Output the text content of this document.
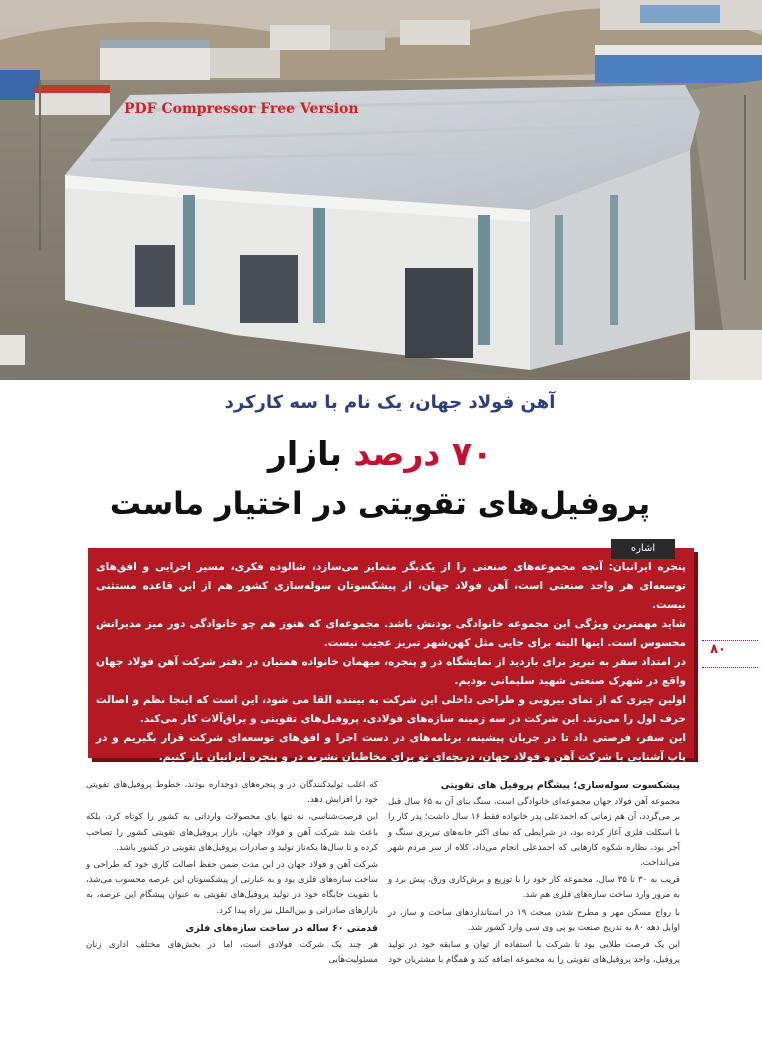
PDF Compressor Free Version
آهن فولاد جهان، یک نام با سه کارکرد
۷۰ درصد بازار
پروفیل‌های تقویتی در اختیار ماست
اشاره

پنجره ایرانیان: آنچه مجموعه‌های صنعتی را از یکدیگر متمایز می‌سازد، شالوده فکری، مسیر اجرایی و افق‌های توسعه‌ای هر واحد صنعتی است، آهن فولاد جهان، از پیشکسوتان سوله‌سازی کشور هم از این قاعده مستثنی نیست.

شاید مهمترین ویژگی این مجموعه خانوادگی بودنش باشد. مجموعه‌ای که هنوز هم چو خانوادگی دور میز مدیرانش محسوس است. اینها البته برای جایی مثل کهن‌شهر تبریز عجیب نیست.

در امتداد سفر به تبریز برای بازدید از نمایشگاه در و پنجره، میهمان خانواده همتیان در دفتر شرکت آهن فولاد جهان واقع در شهرک صنعتی شهید سلیمانی بودیم.

اولین چیزی که از تمای بیرونی و طراحی داخلی این شرکت به بیننده القا می شود، این است که اینجا نظم و اصالت حرف اول را می‌زند. این شرکت در سه زمینه سازه‌های فولادی، پروفیل‌های تقویتی و یراق‌آلات کار می‌کند.

این سفر، فرصتی داد تا در جریان پیشینه، برنامه‌های در دست اجرا و افق‌های توسعه‌ای شرکت قرار بگیریم و در پاپ آشنایی با شرکت آهن و فولاد جهان، دریچه‌ای تو برای مخاطبان نشریه در و پنجره ایرانیان باز کنیم.

۸۰

پیشکسوت سوله‌سازی؛ پیشگام پروفیل های تقویتی

مجموعه آهن فولاد جهان مجموعه‌ای خانوادگی است، سنگ بنای آن به ۶۵ سال قبل بر می‌گردد، آن هم زمانی که احمدعلی پدر خانواده فقط ۱۶ سال داشت؛ پدر کار را با اسکلت فلزی آغاز کرده بود، در شرایطی که نمای اکثر خانه‌های تبریزی سنگ و آجر بود، نظاره شکوه کارهایی که احمدعلی انجام می‌داد، کلاه از سر مردم شهر می‌انداخت.

قریب به ۳۰ تا ۳۵ سال، مجموعه کار خود را با توزیع و برش‌کاری ورق، پیش برد و به مرور وارد ساخت سازه‌های فلزی هم شد.

با رواج مسکن مهر و مطرح شدن مبحث ۱۹ در استانداردهای ساخت و ساز، در اوایل دهه ۸۰ به تدریج صنعت یو پی وی سی وارد کشور شد.

این یک فرصت طلایی بود تا شرکت با استفاده از توان و سابقه خود در تولید پروفیل، واحد پروفیل‌های تقویتی را به مجموعه اضافه کند و همگام با مشتریان خود

که اغلب تولیدکنندگان در و پنجره‌های دوجداره بودند، خطوط پروفیل‌های تقویتی خود را افزایش دهد.

این فرصت‌شناسی، نه تنها پای محصولات وارداتی به کشور را کوتاه کرد، بلکه باعث شد شرکت آهن و فولاد جهان، بازار پروفیل‌های تقویتی کشور را تصاحب کرده و تا سال‌ها یکه‌تاز تولید و صادرات پروفیل‌های تقویتی در کشور باشد.

شرکت آهن و فولاد جهان در این مدت ضمن حفظ اصالت کاری خود که طراحی و ساخت سازه‌های فلزی بود و به عبارتی از پیشکسوتان این عرصه محسوب می‌شد، با تقویت جایگاه خود در تولید پروفیل‌های تقویتی به عنوان پیشگام این عرصه، به بازارهای صادراتی و بین‌الملل نیز راه پیدا کرد.

قدمتی ۶۰ ساله در ساخت سازه‌های فلزی

هر چند یک شرکت فولادی است، اما در بخش‌های مختلف اداری زنان مسئولیت‌هایی
